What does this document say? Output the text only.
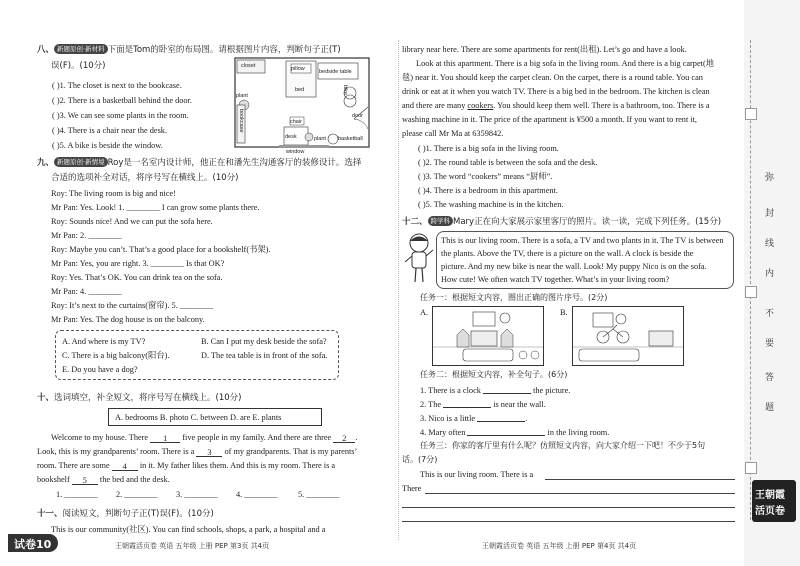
八、 新题原创·新材料 下面是Tom的卧室的布局图。请根据图片内容，判断句子正(T)
误(F)。(10分)
( )1. The closet is next to the bookcase.
( )2. There is a basketball behind the door.
( )3. We can see some plants in the room.
( )4. There is a chair near the desk.
( )5. A bike is beside the window.
closet	pillow
bed
bedside table
bike
plant
door
bookcase	chair
desk	plant basketball
window
九、 新题原创·新情境 Roy是一名室内设计师，他正在和潘先生沟通客厅的装修设计。选择
合适的选项补全对话，将序号写在横线上。(10分)
Roy: The living room is big and nice!
Mr Pan: Yes. Look! 1. ________ I can grow some plants there.
Roy: Sounds nice! And we can put the sofa here.
Mr Pan: 2. ________
Roy: Maybe you can’t. That’s a good place for a bookshelf(书架).
Mr Pan: Yes, you are right. 3. ________ Is that OK?
Roy: Yes. That’s OK. You can drink tea on the sofa.
Mr Pan: 4. ________
Roy: It’s next to the curtains(窗帘). 5. ________
Mr Pan: Yes. The dog house is on the balcony.
A. And where is my TV?	B. Can I put my desk beside the sofa?
C. There is a big balcony(阳台).	D. The tea table is in front of the sofa.
E. Do you have a dog?
十、选词填空，补全短文，将序号写在横线上。(10分)
A. bedrooms B. photo C. between D. are E. plants
Welcome to my house. There 1 five people in my family. And there are three 2 .
Look, this is my grandparents’ room. There is a 3 of my grandparents. That is my parents’
room. There are some 4 in it. My father likes them. And this is my room. There is a
bookshelf 5 the bed and the desk.
1. ________ 2. ________ 3. ________ 4. ________ 5. ________
十一、阅读短文，判断句子正(T)误(F)。(10分)
This is our community(社区). You can find schools, shops, a park, a hospital and a
试卷10	王朝霞活页卷 英语 五年级 上册 PEP 第3页 共4页
library near here. There are some apartments for rent(出租). Let’s go and have a look.
Look at this apartment. There is a big sofa in the living room. And there is a big carpet(地
毯) near it. You should keep the carpet clean. On the carpet, there is a round table. You can
drink or eat at it when you watch TV. There is a big bed in the bedroom. The kitchen is clean
and there are many cookers. You should keep them well. There is a bathroom, too. There is a
washing machine in it. The price of the apartment is ¥500 a month. If you want to rent it,
please call Mr Ma at 6359842.
( )1. There is a big sofa in the living room.
( )2. The round table is between the sofa and the desk.
( )3. The word “cookers” means “厨师”.
( )4. There is a bedroom in this apartment.
( )5. The washing machine is in the kitchen.
十二、 跨学科 Mary正在向大家展示家里客厅的照片。读一读，完成下列任务。(15分)
This is our living room. There is a sofa, a TV and two plants in it. The TV is between
the plants. Above the TV, there is a picture on the wall. A clock is beside the
picture. And my new bike is near the wall. Look! My puppy Nico is on the sofa.
How cute! We often watch TV together. What’s in your living room?
任务一：根据短文内容，圈出正确的图片序号。(2分)
A.	B.
任务二：根据短文内容，补全句子。(6分)
1. There is a clock	the picture.
2. The	is near the wall.
3. Nico is a little	.
4. Mary often	in the living room.
任务三：你家的客厅里有什么呢？仿照短文内容，向大家介绍一下吧！不少于5句
话。(7分)
This is our living room. There is a
There
王朝霞活页卷 英语 五年级 上册 PEP 第4页 共4页
弥
封
线
内
不
要
答
题
王朝霞
活页卷
